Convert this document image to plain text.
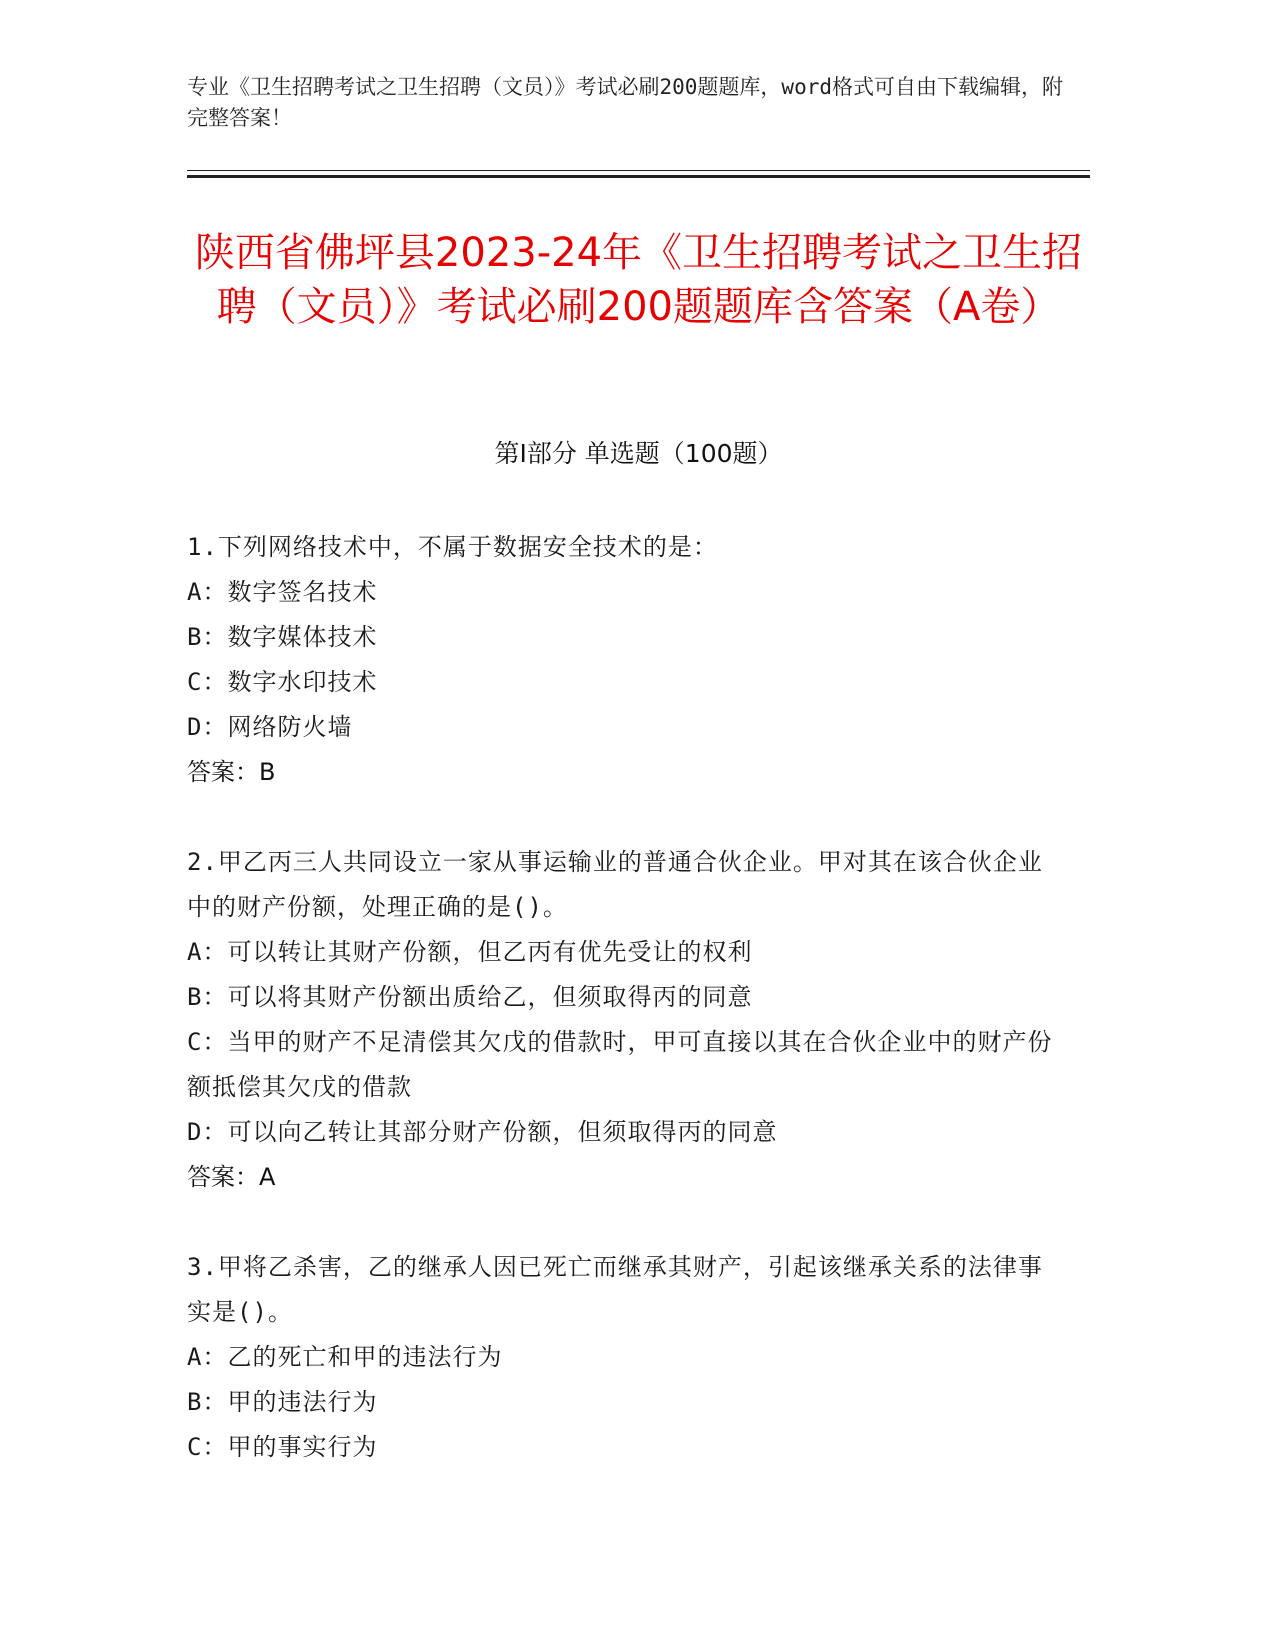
专业《卫生招聘考试之卫生招聘（文员）》考试必刷200题题库，word格式可自由下载编辑，附完整答案！
陕西省佛坪县2023-24年《卫生招聘考试之卫生招聘（文员）》考试必刷200题题库含答案（A卷）
第I部分 单选题（100题）

1.下列网络技术中，不属于数据安全技术的是：

A：数字签名技术

B：数字媒体技术

C：数字水印技术

D：网络防火墙

答案：B

2.甲乙丙三人共同设立一家从事运输业的普通合伙企业。甲对其在该合伙企业中的财产份额，处理正确的是()。

A：可以转让其财产份额，但乙丙有优先受让的权利

B：可以将其财产份额出质给乙，但须取得丙的同意

C：当甲的财产不足清偿其欠戊的借款时，甲可直接以其在合伙企业中的财产份额抵偿其欠戊的借款

D：可以向乙转让其部分财产份额，但须取得丙的同意

答案：A

3.甲将乙杀害，乙的继承人因已死亡而继承其财产，引起该继承关系的法律事实是()。

A：乙的死亡和甲的违法行为

B：甲的违法行为

C：甲的事实行为
